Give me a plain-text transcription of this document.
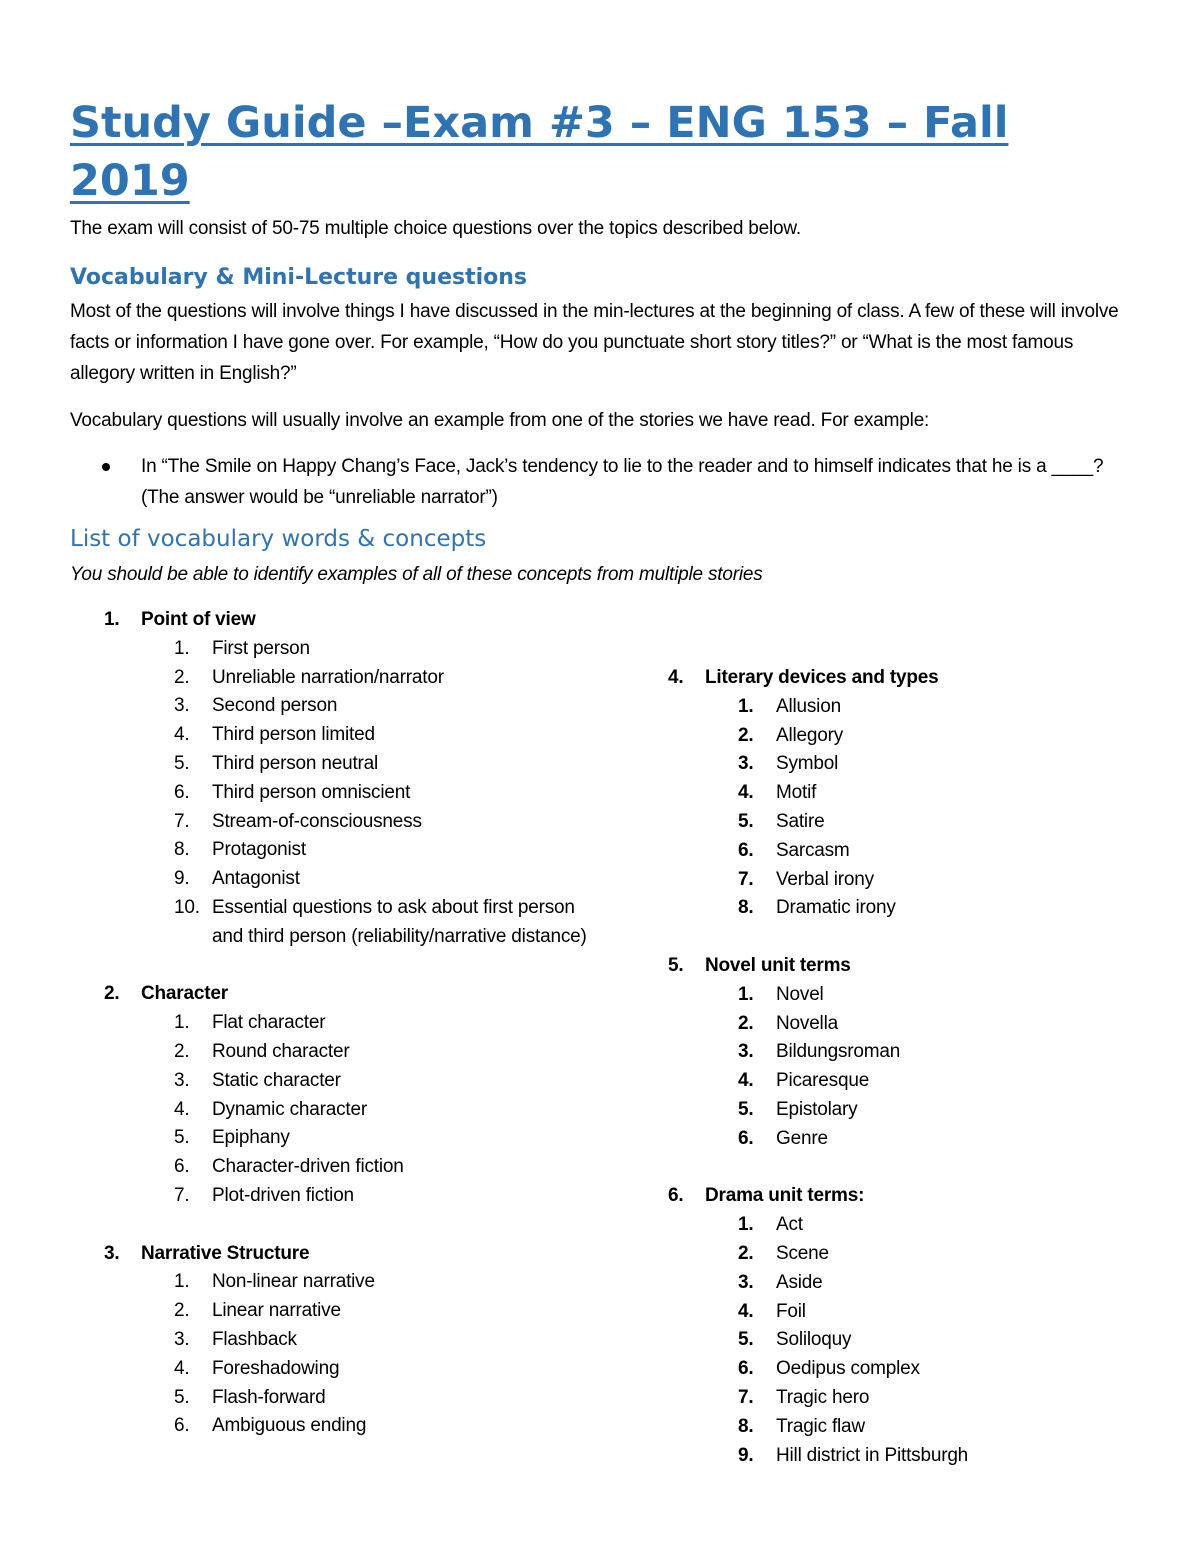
Study Guide –Exam #3 – ENG 153 – Fall 2019

The exam will consist of 50-75 multiple choice questions over the topics described below.

Vocabulary & Mini-Lecture questions

Most of the questions will involve things I have discussed in the min-lectures at the beginning of class. A few of these will involve facts or information I have gone over. For example, “How do you punctuate short story titles?” or “What is the most famous allegory written in English?”

Vocabulary questions will usually involve an example from one of the stories we have read. For example:

In “The Smile on Happy Chang’s Face, Jack’s tendency to lie to the reader and to himself indicates that he is a ____? (The answer would be “unreliable narrator”)
List of vocabulary words & concepts

You should be able to identify examples of all of these concepts from multiple stories

1. Point of view
1. First person
2. Unreliable narration/narrator
3. Second person
4. Third person limited
5. Third person neutral
6. Third person omniscient
7. Stream-of-consciousness
8. Protagonist
9. Antagonist
10. Essential questions to ask about first person and third person (reliability/narrative distance)
2. Character
1. Flat character
2. Round character
3. Static character
4. Dynamic character
5. Epiphany
6. Character-driven fiction
7. Plot-driven fiction
3. Narrative Structure
1. Non-linear narrative
2. Linear narrative
3. Flashback
4. Foreshadowing
5. Flash-forward
6. Ambiguous ending
4. Literary devices and types
1. Allusion
2. Allegory
3. Symbol
4. Motif
5. Satire
6. Sarcasm
7. Verbal irony
8. Dramatic irony
5. Novel unit terms
1. Novel
2. Novella
3. Bildungsroman
4. Picaresque
5. Epistolary
6. Genre
6. Drama unit terms:
1. Act
2. Scene
3. Aside
4. Foil
5. Soliloquy
6. Oedipus complex
7. Tragic hero
8. Tragic flaw
9. Hill district in Pittsburgh
